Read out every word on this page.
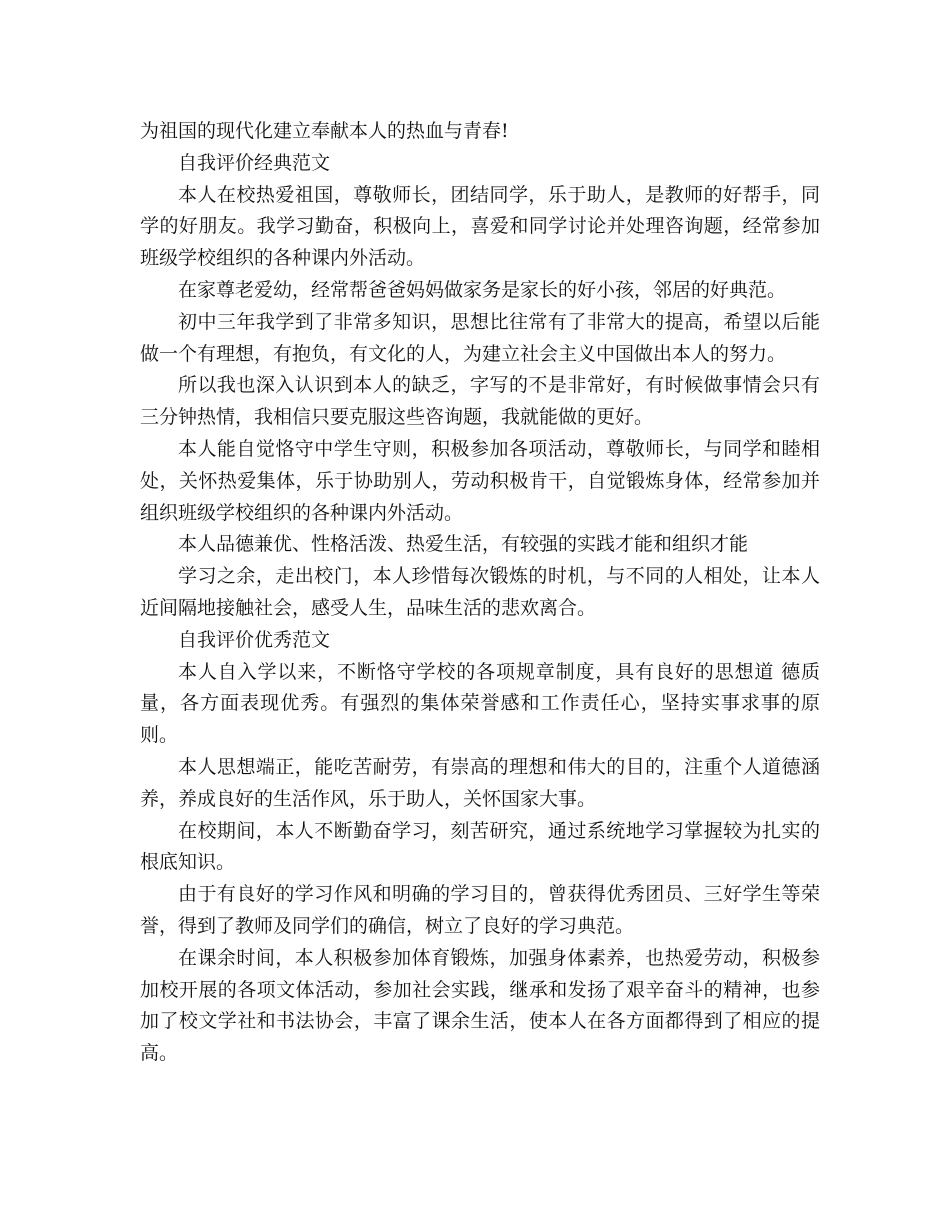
为祖国的现代化建立奉献本人的热血与青春!

自我评价经典范文

本人在校热爱祖国，尊敬师长，团结同学，乐于助人，是教师的好帮手，同学的好朋友。我学习勤奋，积极向上，喜爱和同学讨论并处理咨询题，经常参加班级学校组织的各种课内外活动。

在家尊老爱幼，经常帮爸爸妈妈做家务是家长的好小孩，邻居的好典范。

初中三年我学到了非常多知识，思想比往常有了非常大的提高，希望以后能做一个有理想，有抱负，有文化的人，为建立社会主义中国做出本人的努力。

所以我也深入认识到本人的缺乏，字写的不是非常好，有时候做事情会只有三分钟热情，我相信只要克服这些咨询题，我就能做的更好。

本人能自觉恪守中学生守则，积极参加各项活动，尊敬师长，与同学和睦相处，关怀热爱集体，乐于协助别人，劳动积极肯干，自觉锻炼身体，经常参加并组织班级学校组织的各种课内外活动。

本人品德兼优、性格活泼、热爱生活，有较强的实践才能和组织才能

学习之余，走出校门，本人珍惜每次锻炼的时机，与不同的人相处，让本人近间隔地接触社会，感受人生，品味生活的悲欢离合。

自我评价优秀范文

本人自入学以来，不断恪守学校的各项规章制度，具有良好的思想道 德质量，各方面表现优秀。有强烈的集体荣誉感和工作责任心，坚持实事求事的原则。

本人思想端正，能吃苦耐劳，有崇高的理想和伟大的目的，注重个人道德涵养，养成良好的生活作风，乐于助人，关怀国家大事。

在校期间，本人不断勤奋学习，刻苦研究，通过系统地学习掌握较为扎实的根底知识。

由于有良好的学习作风和明确的学习目的，曾获得优秀团员、三好学生等荣誉，得到了教师及同学们的确信，树立了良好的学习典范。

在课余时间，本人积极参加体育锻炼，加强身体素养，也热爱劳动，积极参加校开展的各项文体活动，参加社会实践，继承和发扬了艰辛奋斗的精神，也参加了校文学社和书法协会，丰富了课余生活，使本人在各方面都得到了相应的提高。
